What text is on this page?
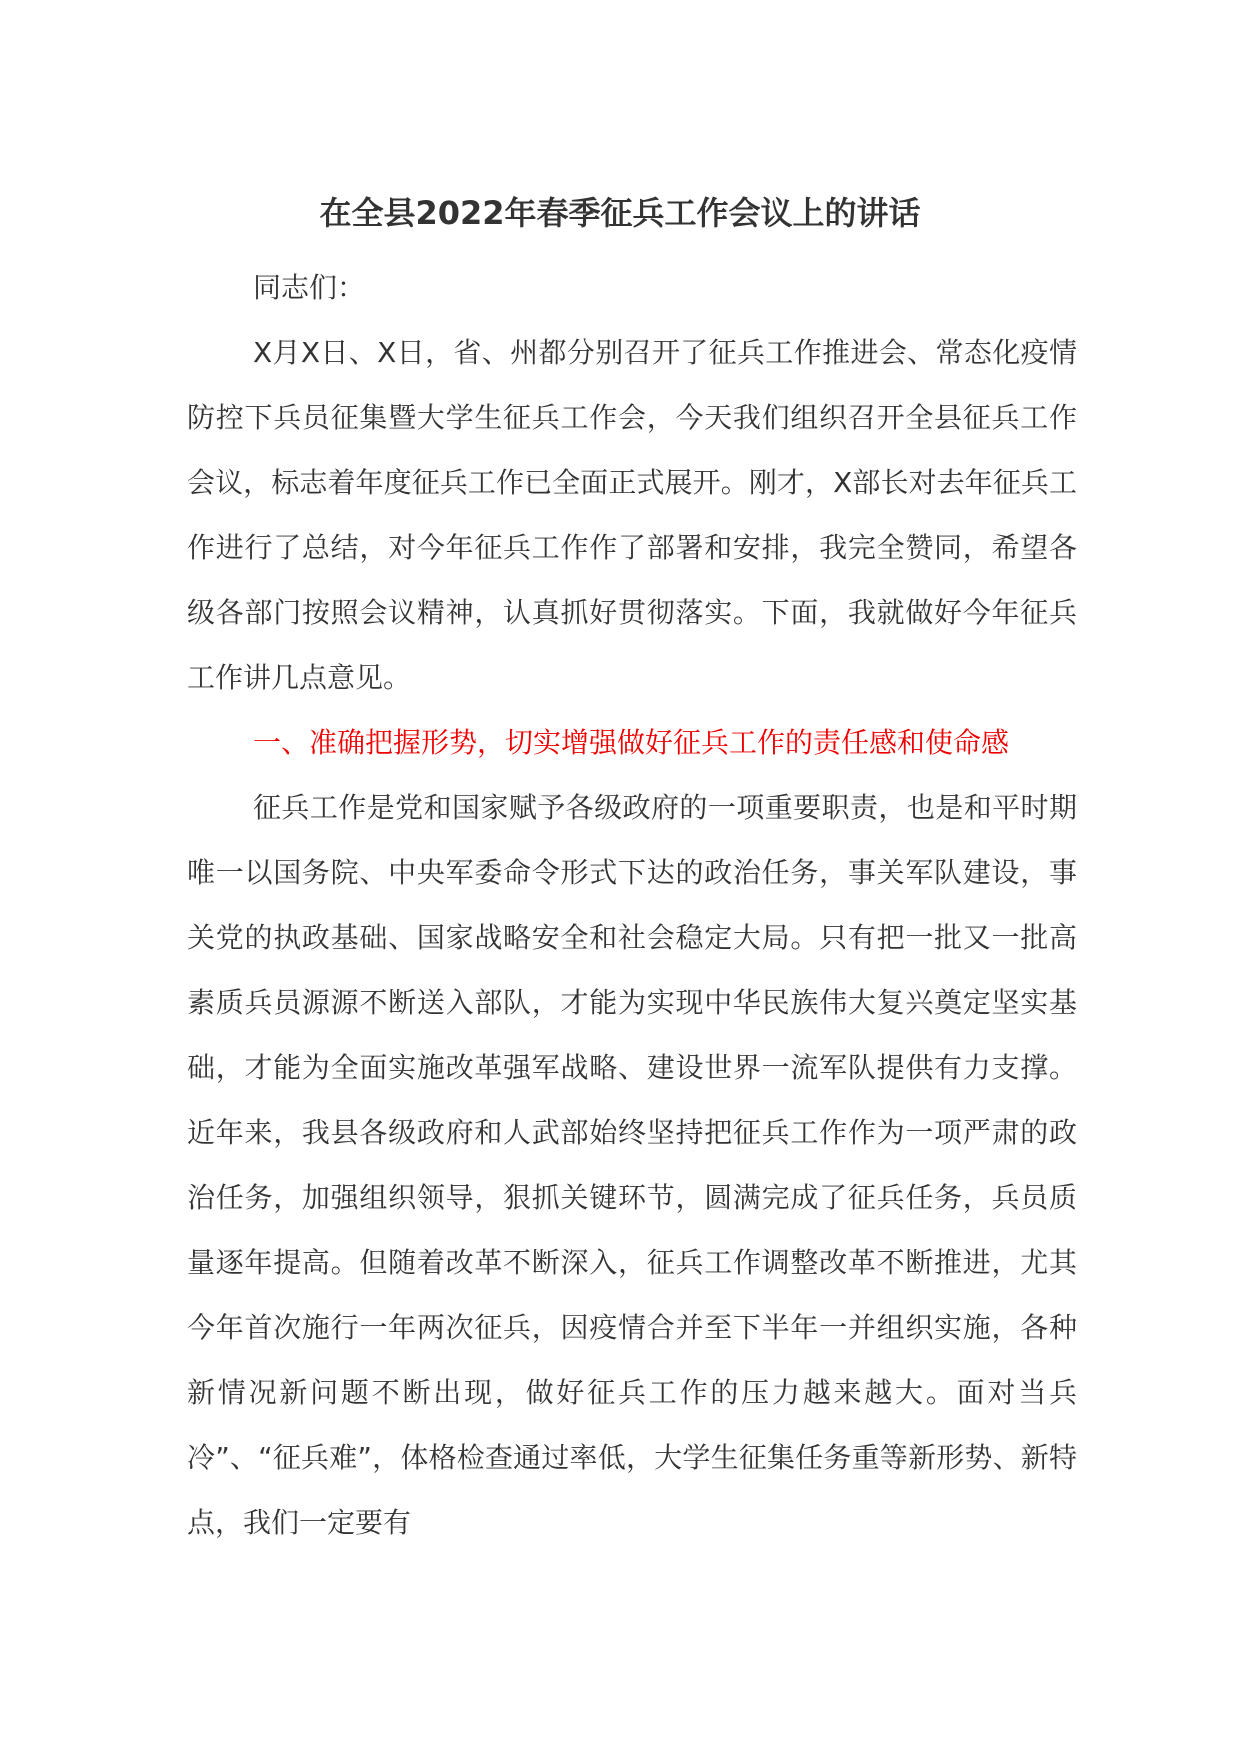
在全县2022年春季征兵工作会议上的讲话

同志们：

X月X日、X日，省、州都分别召开了征兵工作推进会、常态化疫情防控下兵员征集暨大学生征兵工作会，今天我们组织召开全县征兵工作会议，标志着年度征兵工作已全面正式展开。刚才，X部长对去年征兵工作进行了总结，对今年征兵工作作了部署和安排，我完全赞同，希望各级各部门按照会议精神，认真抓好贯彻落实。下面，我就做好今年征兵工作讲几点意见。

一、准确把握形势，切实增强做好征兵工作的责任感和使命感

征兵工作是党和国家赋予各级政府的一项重要职责，也是和平时期唯一以国务院、中央军委命令形式下达的政治任务，事关军队建设，事关党的执政基础、国家战略安全和社会稳定大局。只有把一批又一批高素质兵员源源不断送入部队，才能为实现中华民族伟大复兴奠定坚实基础，才能为全面实施改革强军战略、建设世界一流军队提供有力支撑。近年来，我县各级政府和人武部始终坚持把征兵工作作为一项严肃的政治任务，加强组织领导，狠抓关键环节，圆满完成了征兵任务，兵员质量逐年提高。但随着改革不断深入，征兵工作调整改革不断推进，尤其今年首次施行一年两次征兵，因疫情合并至下半年一并组织实施，各种新情况新问题不断出现，做好征兵工作的压力越来越大。面对当兵冷”、“征兵难”，体格检查通过率低，大学生征集任务重等新形势、新特点，我们一定要有
